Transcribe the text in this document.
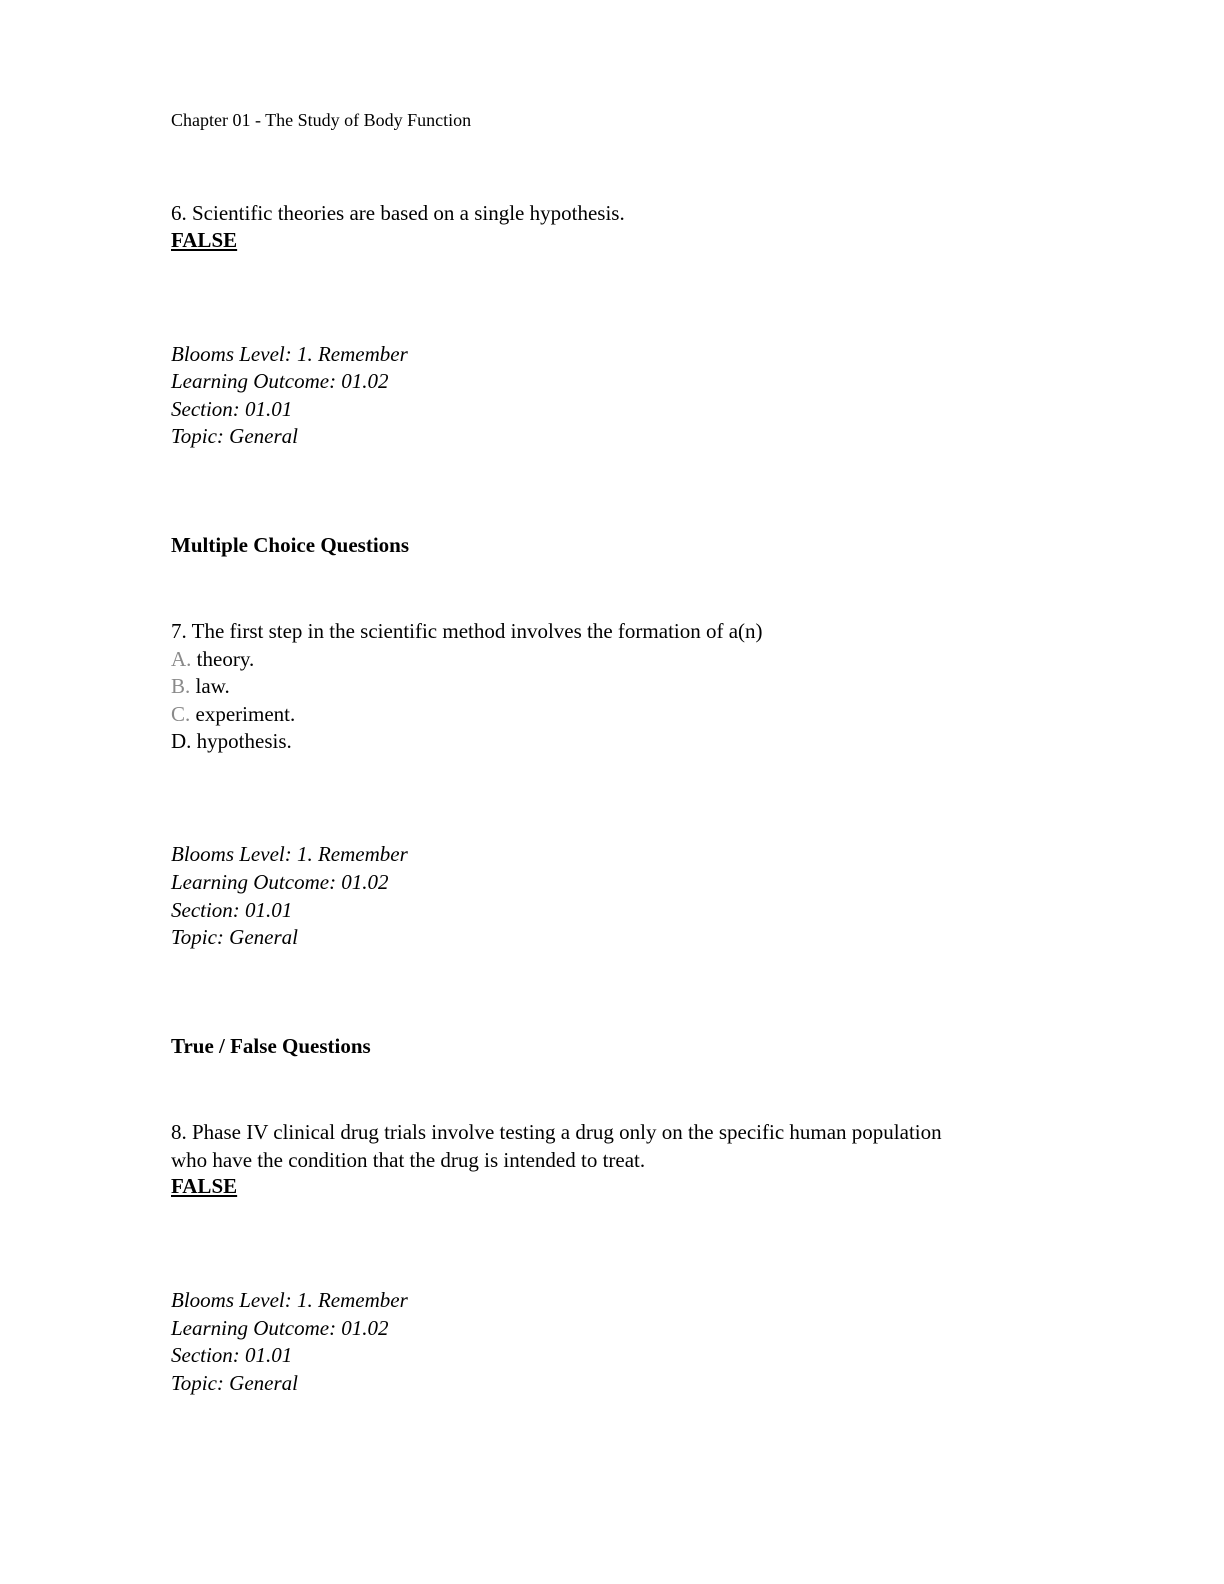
Chapter 01 - The Study of Body Function
6. Scientific theories are based on a single hypothesis.
FALSE
Blooms Level: 1. Remember
Learning Outcome: 01.02
Section: 01.01
Topic: General
Multiple Choice Questions
7. The first step in the scientific method involves the formation of a(n)
A. theory.
B. law.
C. experiment.
D. hypothesis.
Blooms Level: 1. Remember
Learning Outcome: 01.02
Section: 01.01
Topic: General
True / False Questions
8. Phase IV clinical drug trials involve testing a drug only on the specific human population
who have the condition that the drug is intended to treat.
FALSE
Blooms Level: 1. Remember
Learning Outcome: 01.02
Section: 01.01
Topic: General
